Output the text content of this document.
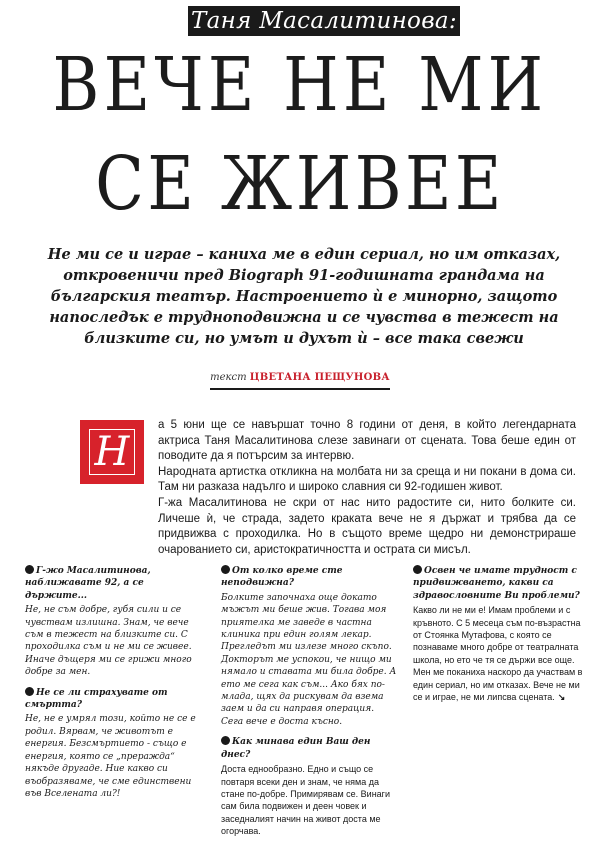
Таня Масалитинова:
ВЕЧЕ НЕ МИ
СЕ ЖИВЕЕ
Не ми се и играе – каниха ме в един сериал, но им отказах, откровеничи пред Biograph 91-годишната грандама на българския театър. Настроението ѝ е минорно, защото напоследък е трудноподвижна и се чувства в тежест на близките си, но умът и духът ѝ – все така свежи
текст ЦВЕТАНА ПЕЩУНОВА
Н

а 5 юни ще се навършат точно 8 години от деня, в който легендарната актриса Таня Масалитинова слезе завинаги от сцената. Това беше един от поводите да я потърсим за интервю.

Народната артистка откликна на молбата ни за среща и ни покани в дома си. Там ни разказа надълго и широко славния си 92-годишен живот.

Г-жа Масалитинова не скри от нас нито радостите си, нито болките си. Личеше ѝ, че страда, задето краката вече не я държат и трябва да се придвижва с проходилка. Но в същото време щедро ни демонстрираше очарованието си, аристократичността и острата си мисъл.

Г-жо Масалитинова, наближавате 92, а се държите...

Не, не съм добре, губя сили и се чувствам излишна. Знам, че вече съм в тежест на близките си. С проходилка съм и не ми се живее. Иначе дъщеря ми се грижи много добре за мен.

Не се ли страхувате от смъртта?

Не, не е умрял този, който не се е родил. Вярвам, че животът е енергия. Безсмъртието - също е енергия, която се „прераждa“ някъде другаде. Ние какво си въобразяваме, че сме единствени във Вселената ли?!

От колко време сте неподвижна?

Болките започнаха още докато мъжът ми беше жив. Тогава моя приятелка ме заведе в частна клиника при един голям лекар. Прегледът ми излезе много скъпо. Докторът ме успокои, че нищо ми нямало и ставата ми била добре. А ето ме сега как съм... Ако бях по-млада, щях да рискувам да взема заем и да си направя операция. Сега вече е доста късно.

Как минава един Ваш ден днес?

Доста еднообразно. Едно и също се повтаря всеки ден и знам, че няма да стане по-добре. Примирявам се. Винаги сам била подвижен и деен човек и заседналият начин на живот доста ме огорчава.

Освен че имате трудност с придвижването, какви са здравословните Ви проблеми?

Какво ли не ми е! Имам проблеми и с кръвното. С 5 месеца съм по-възрастна от Стоянка Мутафова, с която се познаваме много добре от театралната школа, но ето че тя се държи все още. Мен ме поканиха наскоро да участвам в един сериал, но им отказах. Вече не ми се и играе, не ми липсва сцената. ↘
